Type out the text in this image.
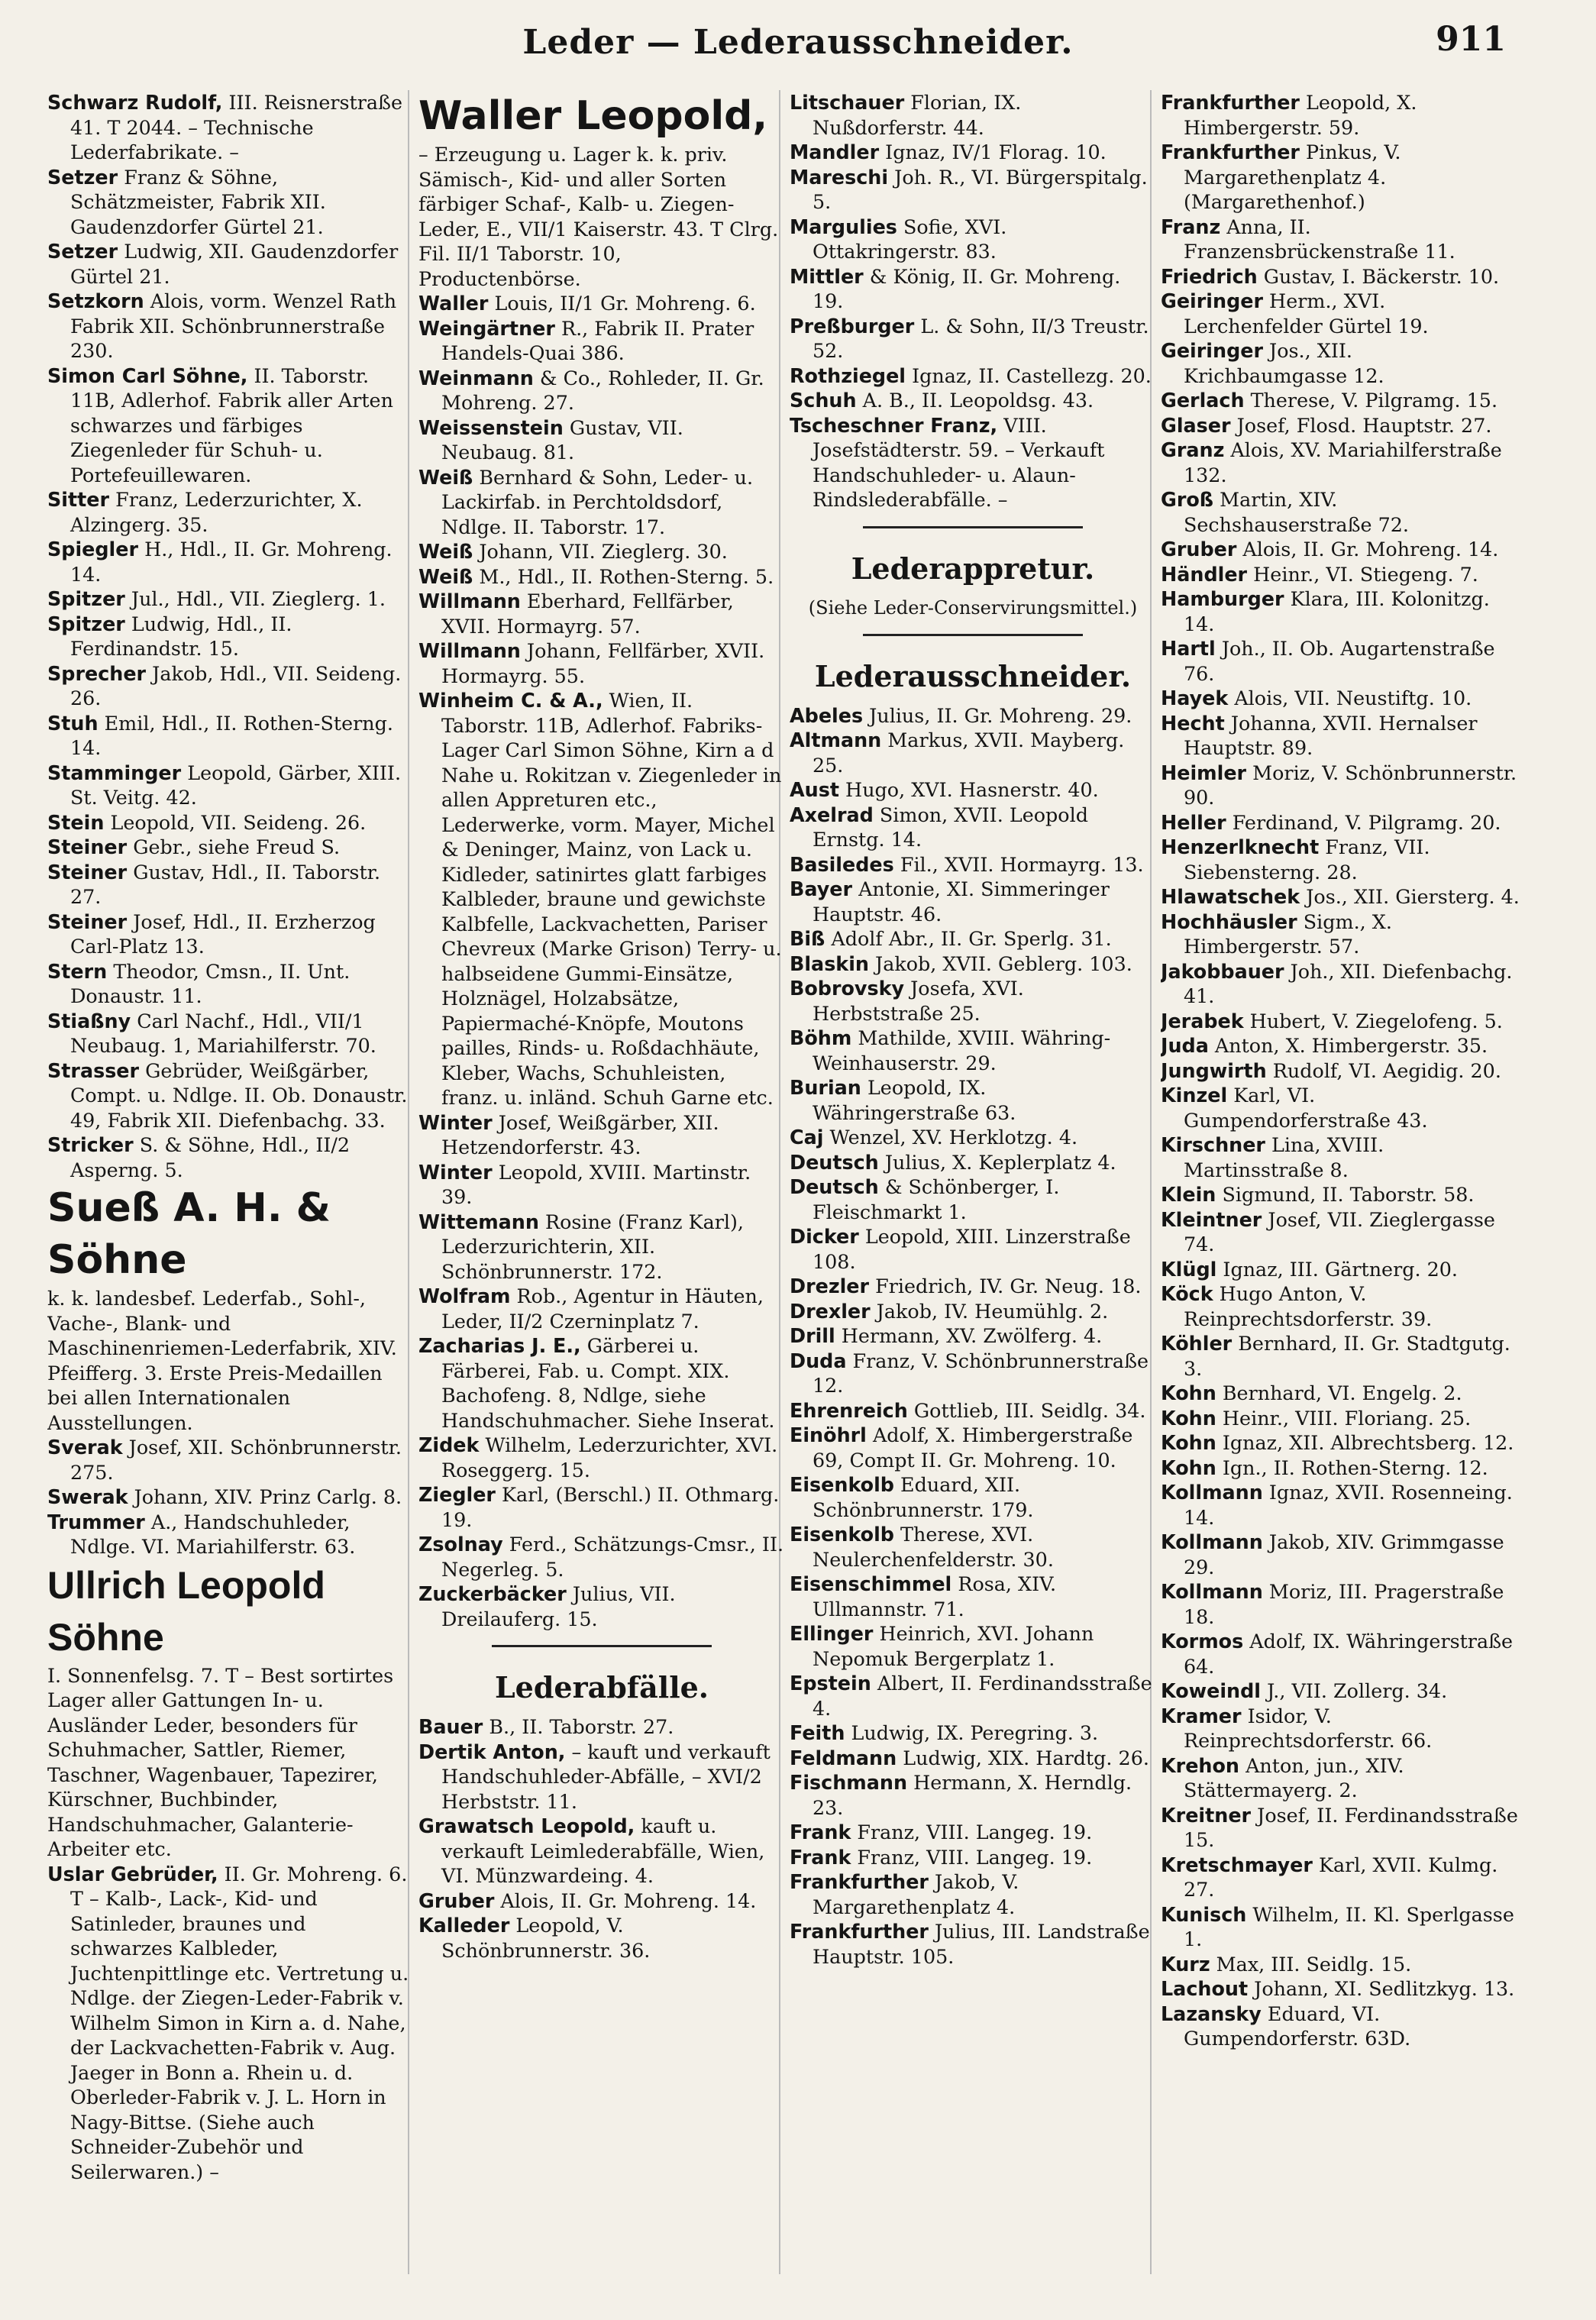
Leder — Lederausschneider.	911
Schwarz Rudolf, III. Reisnerstraße 41. T 2044. – Technische Lederfabrikate. –
Setzer Franz & Söhne, Schätzmeister, Fabrik XII. Gaudenzdorfer Gürtel 21.
Setzer Ludwig, XII. Gaudenzdorfer Gürtel 21.
Setzkorn Alois, vorm. Wenzel Rath Fabrik XII. Schönbrunnerstraße 230.
Simon Carl Söhne, II. Taborstr. 11B, Adlerhof. Fabrik aller Arten schwarzes und färbiges Ziegenleder für Schuh- u. Portefeuillewaren.
Sitter Franz, Lederzurichter, X. Alzingerg. 35.
Spiegler H., Hdl., II. Gr. Mohreng. 14.
Spitzer Jul., Hdl., VII. Zieglerg. 1.
Spitzer Ludwig, Hdl., II. Ferdinandstr. 15.
Sprecher Jakob, Hdl., VII. Seideng. 26.
Stuh Emil, Hdl., II. Rothen-Sterng. 14.
Stamminger Leopold, Gärber, XIII. St. Veitg. 42.
Stein Leopold, VII. Seideng. 26.
Steiner Gebr., siehe Freud S.
Steiner Gustav, Hdl., II. Taborstr. 27.
Steiner Josef, Hdl., II. Erzherzog Carl-Platz 13.
Stern Theodor, Cmsn., II. Unt. Donaustr. 11.
Stiaßny Carl Nachf., Hdl., VII/1 Neubaug. 1, Mariahilferstr. 70.
Strasser Gebrüder, Weißgärber, Compt. u. Ndlge. II. Ob. Donaustr. 49, Fabrik XII. Diefenbachg. 33.
Stricker S. & Söhne, Hdl., II/2 Asperng. 5.
Sueß A. H. & Söhne
k. k. landesbef. Lederfab., Sohl-, Vache-, Blank- und Maschinenriemen-Lederfabrik, XIV. Pfeifferg. 3. Erste Preis-Medaillen bei allen Internationalen Ausstellungen.
Sverak Josef, XII. Schönbrunnerstr. 275.
Swerak Johann, XIV. Prinz Carlg. 8.
Trummer A., Handschuhleder, Ndlge. VI. Mariahilferstr. 63.
Ullrich Leopold Söhne
I. Sonnenfelsg. 7. T – Best sortirtes Lager aller Gattungen In- u. Ausländer Leder, besonders für Schuhmacher, Sattler, Riemer, Taschner, Wagenbauer, Tapezirer, Kürschner, Buchbinder, Handschuhmacher, Galanterie-Arbeiter etc.
Uslar Gebrüder, II. Gr. Mohreng. 6. T – Kalb-, Lack-, Kid- und Satinleder, braunes und schwarzes Kalbleder, Juchtenpittlinge etc. Vertretung u. Ndlge. der Ziegen-Leder-Fabrik v. Wilhelm Simon in Kirn a. d. Nahe, der Lackvachetten-Fabrik v. Aug. Jaeger in Bonn a. Rhein u. d. Oberleder-Fabrik v. J. L. Horn in Nagy-Bittse. (Siehe auch Schneider-Zubehör und Seilerwaren.) –
Waller Leopold,
– Erzeugung u. Lager k. k. priv. Sämisch-, Kid- und aller Sorten färbiger Schaf-, Kalb- u. Ziegen-Leder, E., VII/1 Kaiserstr. 43. T Clrg. Fil. II/1 Taborstr. 10, Productenbörse.
Waller Louis, II/1 Gr. Mohreng. 6.
Weingärtner R., Fabrik II. Prater Handels-Quai 386.
Weinmann & Co., Rohleder, II. Gr. Mohreng. 27.
Weissenstein Gustav, VII. Neubaug. 81.
Weiß Bernhard & Sohn, Leder- u. Lackirfab. in Perchtoldsdorf, Ndlge. II. Taborstr. 17.
Weiß Johann, VII. Zieglerg. 30.
Weiß M., Hdl., II. Rothen-Sterng. 5.
Willmann Eberhard, Fellfärber, XVII. Hormayrg. 57.
Willmann Johann, Fellfärber, XVII. Hormayrg. 55.
Winheim C. & A., Wien, II. Taborstr. 11B, Adlerhof. Fabriks-Lager Carl Simon Söhne, Kirn a d Nahe u. Rokitzan v. Ziegenleder in allen Appreturen etc., Lederwerke, vorm. Mayer, Michel & Deninger, Mainz, von Lack u. Kidleder, satinirtes glatt farbiges Kalbleder, braune und gewichste Kalbfelle, Lackvachetten, Pariser Chevreux (Marke Grison) Terry- u. halbseidene Gummi-Einsätze, Holznägel, Holzabsätze, Papiermaché-Knöpfe, Moutons pailles, Rinds- u. Roßdachhäute, Kleber, Wachs, Schuhleisten, franz. u. inländ. Schuh Garne etc.
Winter Josef, Weißgärber, XII. Hetzendorferstr. 43.
Winter Leopold, XVIII. Martinstr. 39.
Wittemann Rosine (Franz Karl), Lederzurichterin, XII. Schönbrunnerstr. 172.
Wolfram Rob., Agentur in Häuten, Leder, II/2 Czerninplatz 7.
Zacharias J. E., Gärberei u. Färberei, Fab. u. Compt. XIX. Bachofeng. 8, Ndlge, siehe Handschuhmacher. Siehe Inserat.
Zidek Wilhelm, Lederzurichter, XVI. Roseggerg. 15.
Ziegler Karl, (Berschl.) II. Othmarg. 19.
Zsolnay Ferd., Schätzungs-Cmsr., II. Negerleg. 5.
Zuckerbäcker Julius, VII. Dreilauferg. 15.
Lederabfälle.
Bauer B., II. Taborstr. 27.
Dertik Anton, – kauft und verkauft Handschuhleder-Abfälle, – XVI/2 Herbststr. 11.
Grawatsch Leopold, kauft u. verkauft Leimlederabfälle, Wien, VI. Münzwardeing. 4.
Gruber Alois, II. Gr. Mohreng. 14.
Kalleder Leopold, V. Schönbrunnerstr. 36.
Litschauer Florian, IX. Nußdorferstr. 44.
Mandler Ignaz, IV/1 Florag. 10.
Mareschi Joh. R., VI. Bürgerspitalg. 5.
Margulies Sofie, XVI. Ottakringerstr. 83.
Mittler & König, II. Gr. Mohreng. 19.
Preßburger L. & Sohn, II/3 Treustr. 52.
Rothziegel Ignaz, II. Castellezg. 20.
Schuh A. B., II. Leopoldsg. 43.
Tscheschner Franz, VIII. Josefstädterstr. 59. – Verkauft Handschuhleder- u. Alaun-Rindslederabfälle. –
Lederappretur.
(Siehe Leder-Conservirungsmittel.)
Lederausschneider.
Abeles Julius, II. Gr. Mohreng. 29.
Altmann Markus, XVII. Mayberg. 25.
Aust Hugo, XVI. Hasnerstr. 40.
Axelrad Simon, XVII. Leopold Ernstg. 14.
Basiledes Fil., XVII. Hormayrg. 13.
Bayer Antonie, XI. Simmeringer Hauptstr. 46.
Biß Adolf Abr., II. Gr. Sperlg. 31.
Blaskin Jakob, XVII. Geblerg. 103.
Bobrovsky Josefa, XVI. Herbststraße 25.
Böhm Mathilde, XVIII. Währing-Weinhauserstr. 29.
Burian Leopold, IX. Währingerstraße 63.
Caj Wenzel, XV. Herklotzg. 4.
Deutsch Julius, X. Keplerplatz 4.
Deutsch & Schönberger, I. Fleischmarkt 1.
Dicker Leopold, XIII. Linzerstraße 108.
Drezler Friedrich, IV. Gr. Neug. 18.
Drexler Jakob, IV. Heumühlg. 2.
Drill Hermann, XV. Zwölferg. 4.
Duda Franz, V. Schönbrunnerstraße 12.
Ehrenreich Gottlieb, III. Seidlg. 34.
Einöhrl Adolf, X. Himbergerstraße 69, Compt II. Gr. Mohreng. 10.
Eisenkolb Eduard, XII. Schönbrunnerstr. 179.
Eisenkolb Therese, XVI. Neulerchenfelderstr. 30.
Eisenschimmel Rosa, XIV. Ullmannstr. 71.
Ellinger Heinrich, XVI. Johann Nepomuk Bergerplatz 1.
Epstein Albert, II. Ferdinandsstraße 4.
Feith Ludwig, IX. Peregring. 3.
Feldmann Ludwig, XIX. Hardtg. 26.
Fischmann Hermann, X. Herndlg. 23.
Frank Franz, VIII. Langeg. 19.
Frank Franz, VIII. Langeg. 19.
Frankfurther Jakob, V. Margarethenplatz 4.
Frankfurther Julius, III. Landstraße Hauptstr. 105.
Frankfurther Leopold, X. Himbergerstr. 59.
Frankfurther Pinkus, V. Margarethenplatz 4. (Margarethenhof.)
Franz Anna, II. Franzensbrückenstraße 11.
Friedrich Gustav, I. Bäckerstr. 10.
Geiringer Herm., XVI. Lerchenfelder Gürtel 19.
Geiringer Jos., XII. Krichbaumgasse 12.
Gerlach Therese, V. Pilgramg. 15.
Glaser Josef, Flosd. Hauptstr. 27.
Granz Alois, XV. Mariahilferstraße 132.
Groß Martin, XIV. Sechshauserstraße 72.
Gruber Alois, II. Gr. Mohreng. 14.
Händler Heinr., VI. Stiegeng. 7.
Hamburger Klara, III. Kolonitzg. 14.
Hartl Joh., II. Ob. Augartenstraße 76.
Hayek Alois, VII. Neustiftg. 10.
Hecht Johanna, XVII. Hernalser Hauptstr. 89.
Heimler Moriz, V. Schönbrunnerstr. 90.
Heller Ferdinand, V. Pilgramg. 20.
Henzerlknecht Franz, VII. Siebensterng. 28.
Hlawatschek Jos., XII. Giersterg. 4.
Hochhäusler Sigm., X. Himbergerstr. 57.
Jakobbauer Joh., XII. Diefenbachg. 41.
Jerabek Hubert, V. Ziegelofeng. 5.
Juda Anton, X. Himbergerstr. 35.
Jungwirth Rudolf, VI. Aegidig. 20.
Kinzel Karl, VI. Gumpendorferstraße 43.
Kirschner Lina, XVIII. Martinsstraße 8.
Klein Sigmund, II. Taborstr. 58.
Kleintner Josef, VII. Zieglergasse 74.
Klügl Ignaz, III. Gärtnerg. 20.
Köck Hugo Anton, V. Reinprechtsdorferstr. 39.
Köhler Bernhard, II. Gr. Stadtgutg. 3.
Kohn Bernhard, VI. Engelg. 2.
Kohn Heinr., VIII. Floriang. 25.
Kohn Ignaz, XII. Albrechtsberg. 12.
Kohn Ign., II. Rothen-Sterng. 12.
Kollmann Ignaz, XVII. Rosenneing. 14.
Kollmann Jakob, XIV. Grimmgasse 29.
Kollmann Moriz, III. Pragerstraße 18.
Kormos Adolf, IX. Währingerstraße 64.
Koweindl J., VII. Zollerg. 34.
Kramer Isidor, V. Reinprechtsdorferstr. 66.
Krehon Anton, jun., XIV. Stättermayerg. 2.
Kreitner Josef, II. Ferdinandsstraße 15.
Kretschmayer Karl, XVII. Kulmg. 27.
Kunisch Wilhelm, II. Kl. Sperlgasse 1.
Kurz Max, III. Seidlg. 15.
Lachout Johann, XI. Sedlitzkyg. 13.
Lazansky Eduard, VI. Gumpendorferstr. 63D.
